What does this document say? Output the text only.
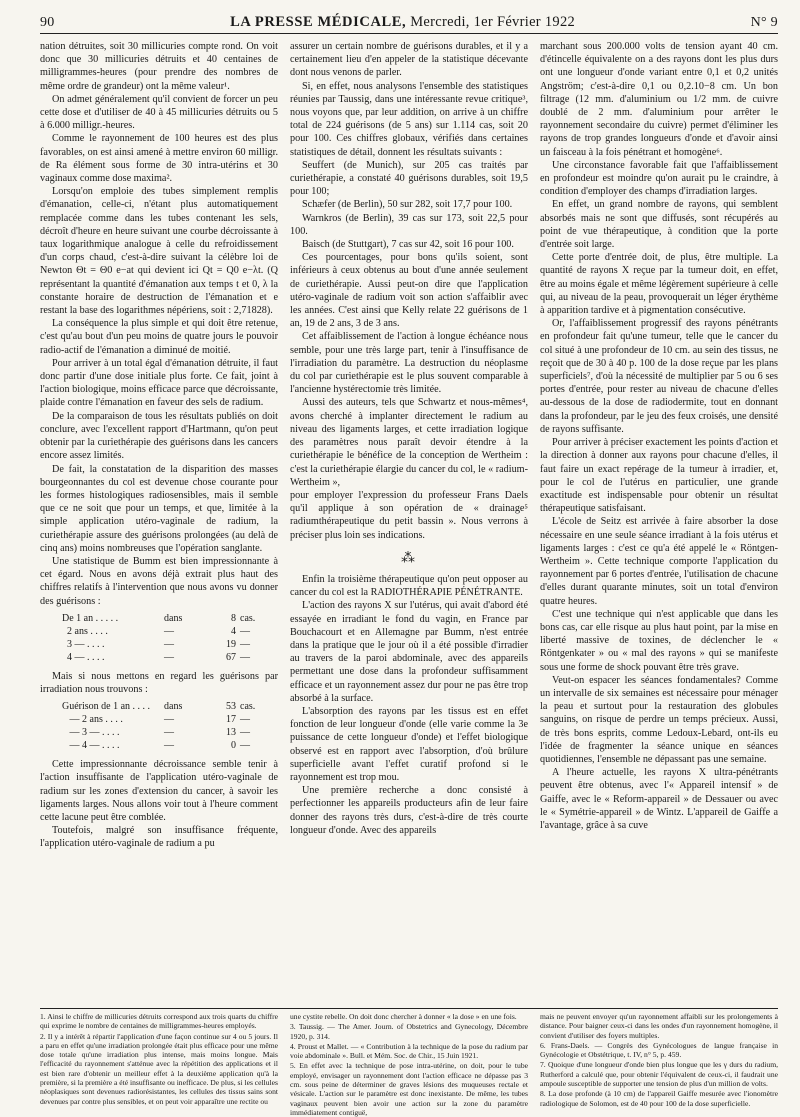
90	LA PRESSE MÉDICALE, Mercredi, 1er Février 1922	N° 9

nation détruites, soit 30 millicuries compte rond. On voit donc que 30 millicuries détruits et 40 centaines de milligrammes-heures (pour prendre des nombres de même ordre de grandeur) ont la même valeur¹.

On admet généralement qu'il convient de forcer un peu cette dose et d'utiliser de 40 à 45 millicuries détruits ou 5 à 6.000 milligr.-heures.

Comme le rayonnement de 100 heures est des plus favorables, on est ainsi amené à mettre environ 60 milligr. de Ra élément sous forme de 30 intra-utérins et 30 vaginaux comme dose maxima².

Lorsqu'on emploie des tubes simplement remplis d'émanation, celle-ci, n'étant plus automatiquement remplacée comme dans les tubes contenant les sels, décroît d'heure en heure suivant une courbe décroissante à taux logarithmique analogue à celle du refroidissement d'un corps chaud, c'est-à-dire suivant la célèbre loi de Newton Θt = Θ0 e−at qui devient ici Qt = Q0 e−λt. (Q représentant la quantité d'émanation aux temps t et 0, λ la constante horaire de destruction de l'émanation et e restant la base des logarithmes népériens, soit : 2,71828).

La conséquence la plus simple et qui doit être retenue, c'est qu'au bout d'un peu moins de quatre jours le pouvoir radio-actif de l'émanation a diminué de moitié.

Pour arriver à un total égal d'émanation détruite, il faut donc partir d'une dose initiale plus forte. Ce fait, joint à l'action biologique, moins efficace parce que décroissante, plaide contre l'émanation en faveur des sels de radium.

De la comparaison de tous les résultats publiés on doit conclure, avec l'excellent rapport d'Hartmann, qu'on peut obtenir par la curiethérapie des guérisons dans les cancers encore assez limités.

De fait, la constatation de la disparition des masses bourgeonnantes du col est devenue chose courante pour les formes histologiques radiosensibles, mais il semble que ce ne soit que pour un temps, et que, limitée à la simple application utéro-vaginale de radium, la curiethérapie assure des guérisons prolongées (au delà de cinq ans) moins nombreuses que l'opération sanglante.

Une statistique de Bumm est bien impressionnante à cet égard. Nous en avons déjà extrait plus haut des chiffres relatifs à l'intervention que nous avons vu donner des guérisons :

De 1 an . . . . .	dans	8 cas.
2 ans . . . .	—	4 —
3 — . . . .	—	19 —
4 — . . . .	—	67 —

Mais si nous mettons en regard les guérisons par irradiation nous trouvons :

Guérison de 1 an . . . .	dans	53 cas.
— 2 ans . . . .	—	17 —
— 3 — . . . .	—	13 —
— 4 — . . . .	—	0 —

Cette impressionnante décroissance semble tenir à l'action insuffisante de l'application utéro-vaginale de radium sur les zones d'extension du cancer, à savoir les ligaments larges. Nous allons voir tout à l'heure comment cette lacune peut être comblée.

Toutefois, malgré son insuffisance fréquente, l'application utéro-vaginale de radium a pu

assurer un certain nombre de guérisons durables, et il y a certainement lieu d'en appeler de la statistique décevante dont nous venons de parler.

Si, en effet, nous analysons l'ensemble des statistiques réunies par Taussig, dans une intéressante revue critique³, nous voyons que, par leur addition, on arrive à un chiffre total de 224 guérisons (de 5 ans) sur 1.114 cas, soit 20 pour 100. Ces chiffres globaux, vérifiés dans certaines statistiques de détail, donnent les résultats suivants :

Seuffert (de Munich), sur 205 cas traités par curiethérapie, a constaté 40 guérisons durables, soit 19,5 pour 100;

Schæfer (de Berlin), 50 sur 282, soit 17,7 pour 100.

Warnkros (de Berlin), 39 cas sur 173, soit 22,5 pour 100.

Baisch (de Stuttgart), 7 cas sur 42, soit 16 pour 100.

Ces pourcentages, pour bons qu'ils soient, sont inférieurs à ceux obtenus au bout d'une année seulement de curiethérapie. Aussi peut-on dire que l'application utéro-vaginale de radium voit son action s'affaiblir avec les années. C'est ainsi que Kelly relate 22 guérisons de 1 an, 19 de 2 ans, 3 de 3 ans.

Cet affaiblissement de l'action à longue échéance nous semble, pour une très large part, tenir à l'insuffisance de l'irradiation du paramètre. La destruction du néoplasme du col par curiethérapie est le plus souvent comparable à l'ancienne hystérectomie très limitée.

Aussi des auteurs, tels que Schwartz et nous-mêmes⁴, avons cherché à implanter directement le radium au niveau des ligaments larges, et cette irradiation logique des paramètres nous paraît devoir étendre à la curiethérapie le bénéfice de la conception de Wertheim : c'est la curiethérapie élargie du cancer du col, le « radium-Wertheim »,

pour employer l'expression du professeur Frans Daels qu'il applique à son opération de « drainage⁵ radiumthérapeutique du petit bassin ». Nous verrons à préciser plus loin ses indications.

⁂

Enfin la troisième thérapeutique qu'on peut opposer au cancer du col est la RADIOTHÉRAPIE PÉNÉTRANTE.

L'action des rayons X sur l'utérus, qui avait d'abord été essayée en irradiant le fond du vagin, en France par Bouchacourt et en Allemagne par Bumm, n'est entrée dans la pratique que le jour où il a été possible d'irradier au travers de la paroi abdominale, avec des appareils permettant une dose dans la profondeur suffisamment efficace et un rayonnement assez dur pour ne pas être trop absorbé à la surface.

L'absorption des rayons par les tissus est en effet fonction de leur longueur d'onde (elle varie comme la 3e puissance de cette longueur d'onde) et l'effet biologique observé est en rapport avec l'absorption, d'où brûlure superficielle avant l'effet curatif profond si le rayonnement est trop mou.

Une première recherche a donc consisté à perfectionner les appareils producteurs afin de leur faire donner des rayons très durs, c'est-à-dire de très courte longueur d'onde. Avec des appareils

marchant sous 200.000 volts de tension ayant 40 cm. d'étincelle équivalente on a des rayons dont les plus durs ont une longueur d'onde variant entre 0,1 et 0,2 unités Angström; c'est-à-dire 0,1 ou 0,2.10−8 cm. Un bon filtrage (12 mm. d'aluminium ou 1/2 mm. de cuivre doublé de 2 mm. d'aluminium pour arrêter le rayonnement secondaire du cuivre) permet d'éliminer les rayons de trop grandes longueurs d'onde et d'avoir ainsi un faisceau à la fois pénétrant et homogène⁶.

Une circonstance favorable fait que l'affaiblissement en profondeur est moindre qu'on aurait pu le craindre, à condition d'employer des champs d'irradiation larges.

En effet, un grand nombre de rayons, qui semblent absorbés mais ne sont que diffusés, sont récupérés au point de vue thérapeutique, à condition que la porte d'entrée soit large.

Cette porte d'entrée doit, de plus, être multiple. La quantité de rayons X reçue par la tumeur doit, en effet, être au moins égale et même légèrement supérieure à celle qui, au niveau de la peau, provoquerait un léger érythème à apparition tardive et à pigmentation consécutive.

Or, l'affaiblissement progressif des rayons pénétrants en profondeur fait qu'une tumeur, telle que le cancer du col situé à une profondeur de 10 cm. au sein des tissus, ne reçoit que de 30 à 40 p. 100 de la dose reçue par les plans superficiels⁷, d'où la nécessité de multiplier par 5 ou 6 ses portes d'entrée, pour rester au niveau de chacune d'elles au-dessous de la dose de radiodermite, tout en donnant dans la profondeur, par le jeu des feux croisés, une densité de rayons suffisante.

Pour arriver à préciser exactement les points d'action et la direction à donner aux rayons pour chacune d'elles, il faut faire un exact repérage de la tumeur à irradier, et, pour le col de l'utérus en particulier, une grande exactitude est indispensable pour obtenir un résultat thérapeutique satisfaisant.

L'école de Seitz est arrivée à faire absorber la dose nécessaire en une seule séance irradiant à la fois utérus et ligaments larges : c'est ce qu'a été appelé le « Röntgen-Wertheim ». Cette technique comporte l'application du rayonnement par 6 portes d'entrée, l'utilisation de chacune d'elles durant quarante minutes, soit un total d'environ quatre heures.

C'est une technique qui n'est applicable que dans les bons cas, car elle risque au plus haut point, par la mise en liberté massive de toxines, de déclencher le « Röntgenkater » ou « mal des rayons » qui se manifeste sous une forme de shock pouvant être très grave.

Veut-on espacer les séances fondamentales? Comme un intervalle de six semaines est nécessaire pour ménager la peau et surtout pour la restauration des globules sanguins, on risque de perdre un temps précieux. Aussi, de très bons esprits, comme Ledoux-Lebard, ont-ils eu l'idée de fragmenter la séance unique en séances quotidiennes, l'ensemble ne dépassant pas une semaine.

A l'heure actuelle, les rayons X ultra-pénétrants peuvent être obtenus, avec l'« Appareil intensif » de Gaiffe, avec le « Reform-appareil » de Dessauer ou avec le « Symétrie-appareil » de Wintz. L'appareil de Gaiffe a l'avantage, grâce à sa cuve

1. Ainsi le chiffre de millicuries détruits correspond aux trois quarts du chiffre qui exprime le nombre de centaines de milligrammes-heures employés.

2. Il y a intérêt à répartir l'application d'une façon continue sur 4 ou 5 jours. Il a paru en effet qu'une irradiation prolongée était plus efficace pour une même dose totale qu'une irradiation plus intense, mais moins longue. Mais l'efficacité du rayonnement s'atténue avec la répétition des applications et il est bien rare d'obtenir un meilleur effet à la deuxième application qu'à la première, si la première a été insuffisante ou inefficace. De plus, si les cellules néoplasiques sont devenues radiorésistantes, les cellules des tissus sains sont devenues par contre plus sensibles, et on peut voir apparaître une rectite ou

une cystite rebelle. On doit donc chercher à donner « la dose » en une fois.

3. Taussig. — The Amer. Journ. of Obstetrics and Gynecology, Décembre 1920, p. 314.

4. Proust et Mallet. — « Contribution à la technique de la pose du radium par voie abdominale ». Bull. et Mém. Soc. de Chir., 15 Juin 1921.

5. En effet avec la technique de pose intra-utérine, on doit, pour le tube employé, envisager un rayonnement dont l'action efficace ne dépasse pas 3 cm. sous peine de déterminer de graves lésions des muqueuses rectale et vésicale. L'action sur le paramètre est donc inexistante. De même, les tubes vaginaux peuvent bien avoir une action sur la zone du paramètre immédiatement contiguë,

mais ne peuvent envoyer qu'un rayonnement affaibli sur les prolongements à distance. Pour baigner ceux-ci dans les ondes d'un rayonnement homogène, il convient d'utiliser des foyers multiples.

6. Frans-Daels. — Congrès des Gynécologues de langue française in Gynécologie et Obstétrique, t. IV, n° 5, p. 459.

7. Quoique d'une longueur d'onde bien plus longue que les γ durs du radium, Rutherford a calculé que, pour obtenir l'équivalent de ceux-ci, il faudrait une ampoule susceptible de supporter une tension de plus d'un million de volts.

8. La dose profonde (à 10 cm) de l'appareil Gaiffe mesurée avec l'ionomètre radiologique de Solomon, est de 40 pour 100 de la dose superficielle.
